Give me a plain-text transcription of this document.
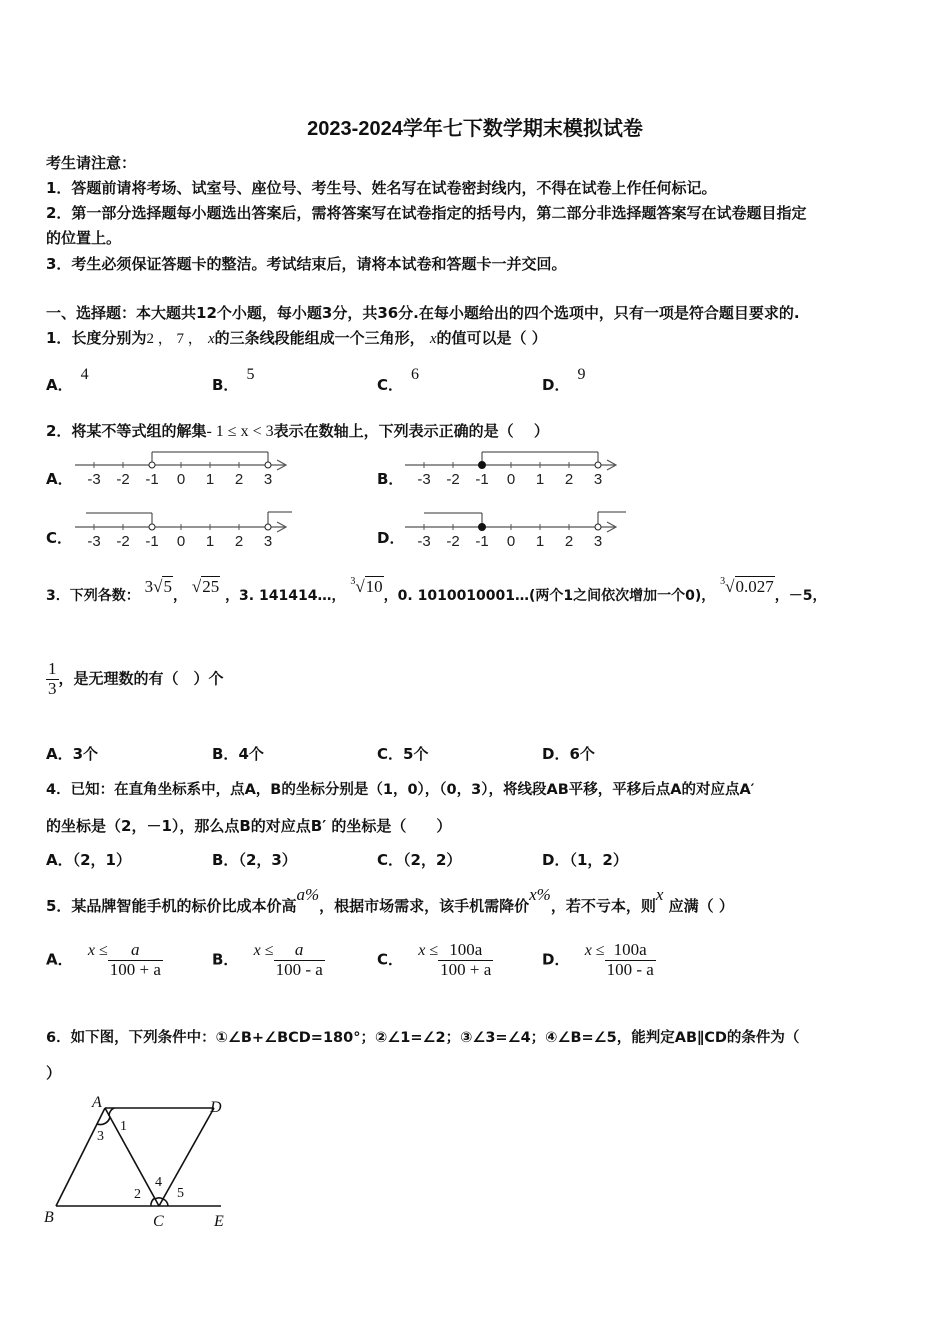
2023-2024学年七下数学期末模拟试卷
考生请注意：
1．答题前请将考场、试室号、座位号、考生号、姓名写在试卷密封线内，不得在试卷上作任何标记。
2．第一部分选择题每小题选出答案后，需将答案写在试卷指定的括号内，第二部分非选择题答案写在试卷题目指定
的位置上。
3．考生必须保证答题卡的整洁。考试结束后，请将本试卷和答题卡一并交回。
一、选择题：本大题共12个小题，每小题3分，共36分.在每小题给出的四个选项中，只有一项是符合题目要求的.
1．长度分别为2 ， 7 ， x的三条线段能组成一个三角形， x的值可以是（ ）
A．4
B．5
C．6
D．9
2．将某不等式组的解集- 1 ≤ x < 3表示在数轴上，下列表示正确的是（　 ）
A．	B．
C．	D．
-3 -2 -1 0 1 2 3	-3 -2 -1 0 1 2 3
-3 -2 -1 0 1 2 3	-3 -2 -1 0 1 2 3
3．下列各数： 3√5， √25 ，3. 141414…， $^3$√10，0. 1010010001…(两个1之间依次增加一个0)， $^3$√0.027，－5，
$\frac{1}{3}$ ，是无理数的有（　）个
A．3个	B．4个	C．5个	D．6个
4．已知：在直角坐标系中，点A，B的坐标分别是（1，0），（0，3），将线段AB平移，平移后点A的对应点A′
的坐标是（2，－1），那么点B的对应点B′ 的坐标是（　　）
A．（2，1）	B．（2，3）	C．（2，2）	D．（1，2）
5．某品牌智能手机的标价比成本价高a%，根据市场需求，该手机需降价x%，若不亏本，则x 应满（ ）
A． $x \le \frac{a}{100 + a}$	B． $x \le \frac{a}{100 - a}$	C． $x \le \frac{100a}{100 + a}$	D． $x \le \frac{100a}{100 - a}$
6．如下图，下列条件中：①∠B+∠BCD=180°；②∠1=∠2；③∠3=∠4；④∠B=∠5，能判定AB∥CD的条件为（
）
A	D
B	C	E
1
3
2
4
5
